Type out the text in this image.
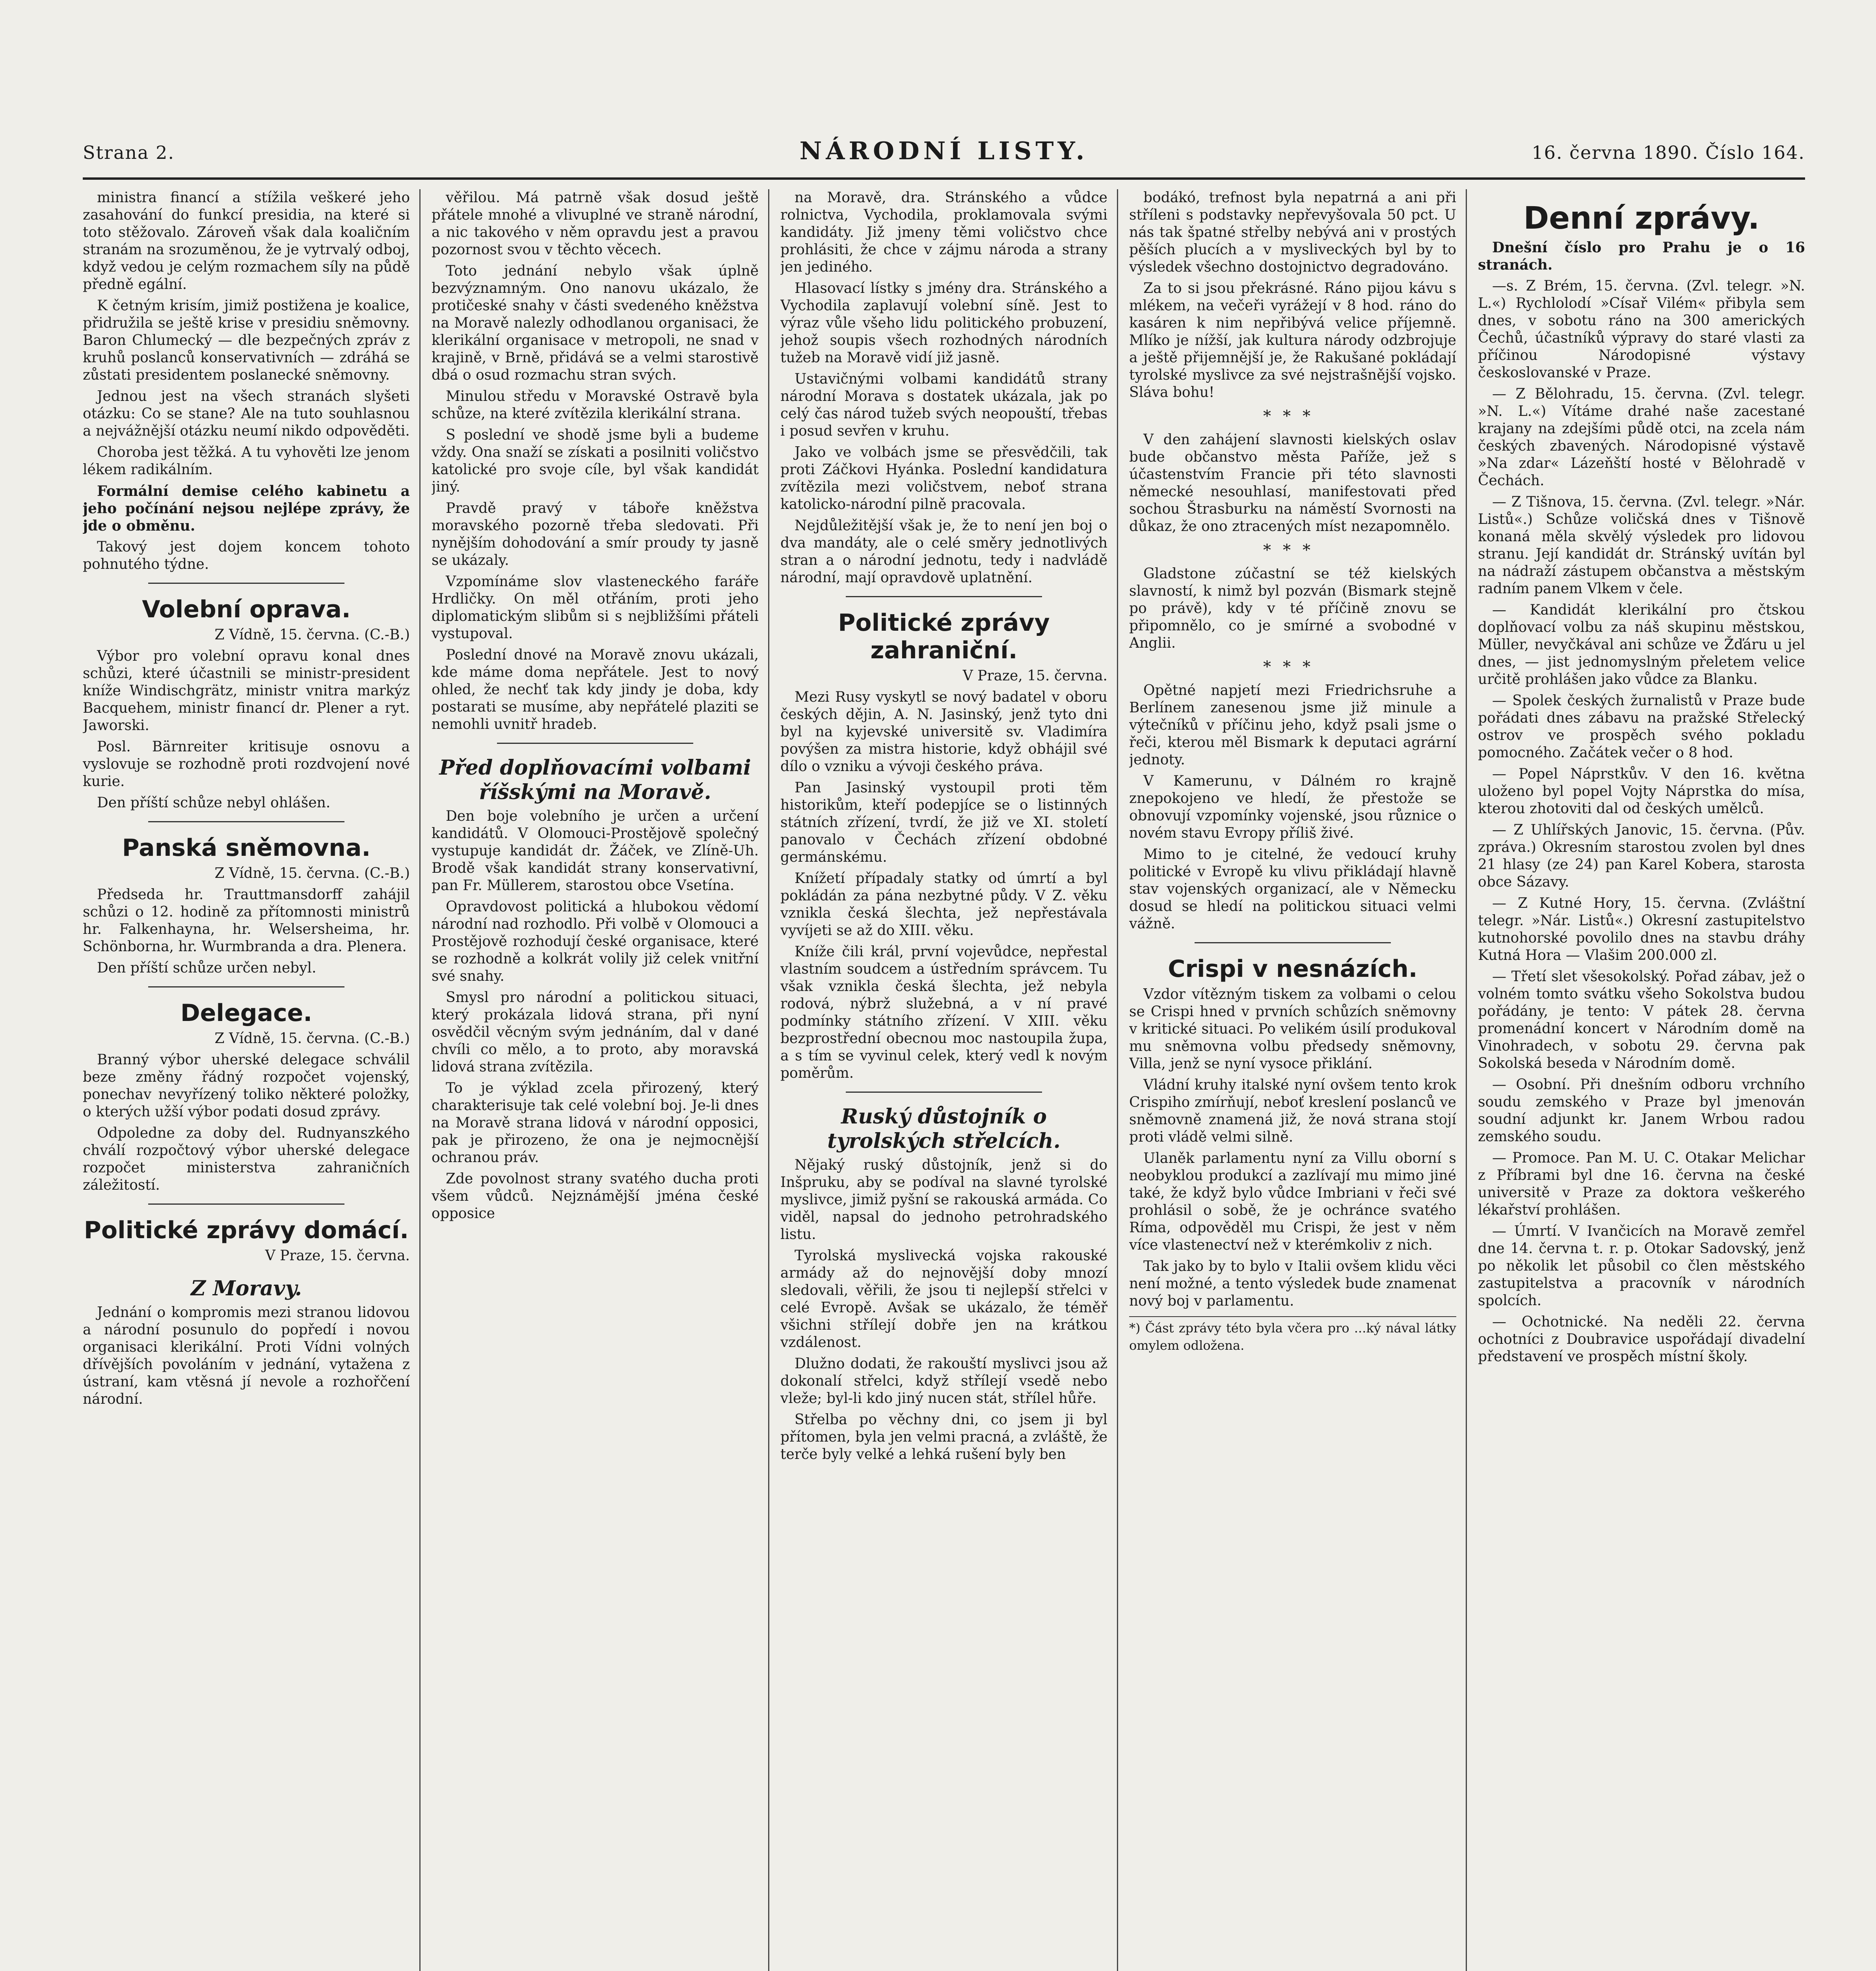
Strana 2.	NÁRODNÍ LISTY.	16. června 1890. Číslo 164.

ministra financí a stížila veškeré jeho zasahování do funkcí presidia, na které si toto stěžovalo. Zároveň však dala koaličním stranám na srozuměnou, že je vytrvalý odboj, když vedou je celým rozmachem síly na půdě předně egální.

K četným krisím, jimiž postižena je koalice, přidružila se ještě krise v presidiu sněmovny. Baron Chlumecký — dle bezpečných zpráv z kruhů poslanců konservativních — zdráhá se zůstati presidentem poslanecké sněmovny.

Jednou jest na všech stranách slyšeti otázku: Co se stane? Ale na tuto souhlasnou a nejvážnější otázku neumí nikdo odpověděti.

Choroba jest těžká. A tu vyhověti lze jenom lékem radikálním.

Formální demise celého kabinetu a jeho počínání nejsou nejlépe zprávy, že jde o obměnu.

Takový jest dojem koncem tohoto pohnutého týdne.

Volební oprava.
Z Vídně, 15. června. (C.-B.)

Výbor pro volební opravu konal dnes schůzi, které účastnili se ministr-president kníže Windischgrätz, ministr vnitra markýz Bacquehem, ministr financí dr. Plener a ryt. Jaworski.

Posl. Bärnreiter kritisuje osnovu a vyslovuje se rozhodně proti rozdvojení nové kurie.

Den příští schůze nebyl ohlášen.

Panská sněmovna.
Z Vídně, 15. června. (C.-B.)

Předseda hr. Trauttmansdorff zahájil schůzi o 12. hodině za přítomnosti ministrů hr. Falkenhayna, hr. Welsersheima, hr. Schönborna, hr. Wurmbranda a dra. Plenera.

Den příští schůze určen nebyl.

Delegace.
Z Vídně, 15. června. (C.-B.)

Branný výbor uherské delegace schválil beze změny řádný rozpočet vojenský, ponechav nevyřízený toliko některé položky, o kterých užší výbor podati dosud zprávy.

Odpoledne za doby del. Rudnyanszkého chválí rozpočtový výbor uherské delegace rozpočet ministerstva zahraničních záležitostí.

Politické zprávy domácí.
V Praze, 15. června.
Z Moravy.

Jednání o kompromis mezi stranou lidovou a národní posunulo do popředí i novou organisaci klerikální. Proti Vídni volných dřívějších povoláním v jednání, vytažena z ústraní, kam vtěsná jí nevole a rozhořčení národní.

věřilou. Má patrně však dosud ještě přátele mnohé a vlivuplné ve straně národní, a nic takového v něm opravdu jest a pravou pozornost svou v těchto věcech.

Toto jednání nebylo však úplně bezvýznamným. Ono nanovu ukázalo, že protičeské snahy v části svedeného kněžstva na Moravě nalezly odhodlanou organisaci, že klerikální organisace v metropoli, ne snad v krajině, v Brně, přidává se a velmi starostivě dbá o osud rozmachu stran svých.

Minulou středu v Moravské Ostravě byla schůze, na které zvítězila klerikální strana.

S poslední ve shodě jsme byli a budeme vždy. Ona snaží se získati a posilniti voličstvo katolické pro svoje cíle, byl však kandidát jiný.

Pravdě pravý v táboře kněžstva moravského pozorně třeba sledovati. Při nynějším dohodování a smír proudy ty jasně se ukázaly.

Vzpomínáme slov vlasteneckého faráře Hrdličky. On měl otřáním, proti jeho diplomatickým slibům si s nejbližšími přáteli vystupoval.

Poslední dnové na Moravě znovu ukázali, kde máme doma nepřátele. Jest to nový ohled, že nechť tak kdy jindy je doba, kdy postarati se musíme, aby nepřátelé plaziti se nemohli uvnitř hradeb.

Před doplňovacími volbami říšskými na Moravě.

Den boje volebního je určen a určení kandidátů. V Olomouci-Prostějově společný vystupuje kandidát dr. Žáček, ve Zlíně-Uh. Brodě však kandidát strany konservativní, pan Fr. Müllerem, starostou obce Vsetína.

Opravdovost politická a hlubokou vědomí národní nad rozhodlo. Při volbě v Olomouci a Prostějově rozhodují české organisace, které se rozhodně a kolkrát volily již celek vnitřní své snahy.

Smysl pro národní a politickou situaci, který prokázala lidová strana, při nyní osvědčil věcným svým jednáním, dal v dané chvíli co mělo, a to proto, aby moravská lidová strana zvítězila.

To je výklad zcela přirozený, který charakterisuje tak celé volební boj. Je-li dnes na Moravě strana lidová v národní opposici, pak je přirozeno, že ona je nejmocnější ochranou práv.

Zde povolnost strany svatého ducha proti všem vůdců. Nejznámější jména české opposice

na Moravě, dra. Stránského a vůdce rolnictva, Vychodila, proklamovala svými kandidáty. Již jmeny těmi voličstvo chce prohlásiti, že chce v zájmu národa a strany jen jediného.

Hlasovací lístky s jmény dra. Stránského a Vychodila zaplavují volební síně. Jest to výraz vůle všeho lidu politického probuzení, jehož soupis všech rozhodných národních tužeb na Moravě vidí již jasně.

Ustavičnými volbami kandidátů strany národní Morava s dostatek ukázala, jak po celý čas národ tužeb svých neopouští, třebas i posud sevřen v kruhu.

Jako ve volbách jsme se přesvědčili, tak proti Záčkovi Hyánka. Poslední kandidatura zvítězila mezi voličstvem, neboť strana katolicko-národní pilně pracovala.

Nejdůležitější však je, že to není jen boj o dva mandáty, ale o celé směry jednotlivých stran a o národní jednotu, tedy i nadvládě národní, mají opravdově uplatnění.

Politické zprávy zahraniční.
V Praze, 15. června.

Mezi Rusy vyskytl se nový badatel v oboru českých dějin, A. N. Jasinský, jenž tyto dni byl na kyjevské universitě sv. Vladimíra povýšen za mistra historie, když obhájil své dílo o vzniku a vývoji českého práva.

Pan Jasinský vystoupil proti těm historikům, kteří podepjíce se o listinných státních zřízení, tvrdí, že již ve XI. století panovalo v Čechách zřízení obdobné germánskému.

Knížetí případaly statky od úmrtí a byl pokládán za pána nezbytné půdy. V Z. věku vznikla česká šlechta, jež nepřestávala vyvíjeti se až do XIII. věku.

Kníže čili král, první vojevůdce, nepřestal vlastním soudcem a ústředním správcem. Tu však vznikla česká šlechta, jež nebyla rodová, nýbrž služebná, a v ní pravé podmínky státního zřízení. V XIII. věku bezprostřední obecnou moc nastoupila župa, a s tím se vyvinul celek, který vedl k novým poměrům.

Ruský důstojník o tyrolských střelcích.

Nějaký ruský důstojník, jenž si do Inšpruku, aby se podíval na slavné tyrolské myslivce, jimiž pyšní se rakouská armáda. Co viděl, napsal do jednoho petrohradského listu.

Tyrolská myslivecká vojska rakouské armády až do nejnovější doby mnozí sledovali, věřili, že jsou ti nejlepší střelci v celé Evropě. Avšak se ukázalo, že téměř všichni střílejí dobře jen na krátkou vzdálenost.

Dlužno dodati, že rakouští myslivci jsou až dokonalí střelci, když střílejí vsedě nebo vleže; byl-li kdo jiný nucen stát, střílel hůře.

Střelba po věchny dni, co jsem ji byl přítomen, byla jen velmi pracná, a zvláště, že terče byly velké a lehká rušení byly ben

bodákó, trefnost byla nepatrná a ani při stříleni s podstavky nepřevyšovala 50 pct. U nás tak špatné střelby nebývá ani v prostých pěších plucích a v mysliveckých byl by to výsledek všechno dostojnictvo degradováno.

Za to si jsou překrásné. Ráno pijou kávu s mlékem, na večeři vyrážejí v 8 hod. ráno do kasáren k nim nepřibývá velice příjemně. Mlíko je nížší, jak kultura národy odzbrojuje a ještě přijemnější je, že Rakušané pokládají tyrolské myslivce za své nejstrašnější vojsko. Sláva bohu!

***

V den zahájení slavnosti kielských oslav bude občanstvo města Paříže, jež s účastenstvím Francie při této slavnosti německé nesouhlasí, manifestovati před sochou Štrasburku na náměstí Svornosti na důkaz, že ono ztracených míst nezapomnělo.

***

Gladstone zúčastní se též kielských slavností, k nimž byl pozván (Bismark stejně po právě), kdy v té příčině znovu se připomnělo, co je smírné a svobodné v Anglii.

***

Opětné napjetí mezi Friedrichsruhe a Berlínem zanesenou jsme již minule a výtečníků v příčinu jeho, když psali jsme o řeči, kterou měl Bismark k deputaci agrární jednoty.

V Kamerunu, v Dálném ro krajně znepokojeno ve hledí, že přestože se obnovují vzpomínky vojenské, jsou různice o novém stavu Evropy příliš živé.

Mimo to je citelné, že vedoucí kruhy politické v Evropě ku vlivu přikládají hlavně stav vojenských organizací, ale v Německu dosud se hledí na politickou situaci velmi vážně.

Crispi v nesnázích.

Vzdor vítězným tiskem za volbami o celou se Crispi hned v prvních schůzích sněmovny v kritické situaci. Po velikém úsilí produkoval mu sněmovna volbu předsedy sněmovny, Villa, jenž se nyní vysoce přiklání.

Vládní kruhy italské nyní ovšem tento krok Crispiho zmírňují, neboť kreslení poslanců ve sněmovně znamená již, že nová strana stojí proti vládě velmi silně.

Ulaněk parlamentu nyní za Villu oborní s neobyklou produkcí a zazlívají mu mimo jiné také, že když bylo vůdce Imbriani v řeči své prohlásil o sobě, že je ochránce svatého Ríma, odpověděl mu Crispi, že jest v něm více vlastenectví než v kterémkoliv z nich.

Tak jako by to bylo v Italii ovšem klidu věci není možné, a tento výsledek bude znamenat nový boj v parlamentu.

*) Část zprávy této byla včera pro ...ký nával látky omylem odložena.
Denní zprávy.

Dnešní číslo pro Prahu je o 16 stranách.

—s. Z Brém, 15. června. (Zvl. telegr. »N. L.«) Rychlolodí »Císař Vilém« přibyla sem dnes, v sobotu ráno na 300 amerických Čechů, účastníků výpravy do staré vlasti za příčinou Národopisné výstavy českoslovanské v Praze.

— Z Bělohradu, 15. června. (Zvl. telegr. »N. L.«) Vítáme drahé naše zacestané krajany na zdejšími půdě otci, na zcela nám českých zbavených. Národopisné výstavě »Na zdar« Lázeňští hosté v Bělohradě v Čechách.

— Z Tišnova, 15. června. (Zvl. telegr. »Nár. Listů«.) Schůze voličská dnes v Tišnově konaná měla skvělý výsledek pro lidovou stranu. Její kandidát dr. Stránský uvítán byl na nádraží zástupem občanstva a městským radním panem Vlkem v čele.

— Kandidát klerikální pro čtskou doplňovací volbu za náš skupinu městskou, Müller, nevyčkával ani schůze ve Žďáru u jel dnes, — jist jednomyslným přeletem velice určitě prohlášen jako vůdce za Blanku.

— Spolek českých žurnalistů v Praze bude pořádati dnes zábavu na pražské Střelecký ostrov ve prospěch svého pokladu pomocného. Začátek večer o 8 hod.

— Popel Náprstkův. V den 16. května uloženo byl popel Vojty Náprstka do mísa, kterou zhotoviti dal od českých umělců.

— Z Uhlířských Janovic, 15. června. (Pův. zpráva.) Okresním starostou zvolen byl dnes 21 hlasy (ze 24) pan Karel Kobera, starosta obce Sázavy.

— Z Kutné Hory, 15. června. (Zvláštní telegr. »Nár. Listů«.) Okresní zastupitelstvo kutnohorské povolilo dnes na stavbu dráhy Kutná Hora — Vlašim 200.000 zl.

— Třetí slet všesokolský. Pořad zábav, jež o volném tomto svátku všeho Sokolstva budou pořádány, je tento: V pátek 28. června promenádní koncert v Národním domě na Vinohradech, v sobotu 29. června pak Sokolská beseda v Národním domě.

— Osobní. Při dnešním odboru vrchního soudu zemského v Praze byl jmenován soudní adjunkt kr. Janem Wrbou radou zemského soudu.

— Promoce. Pan M. U. C. Otakar Melichar z Příbrami byl dne 16. června na české universitě v Praze za doktora veškerého lékařství prohlášen.

— Úmrtí. V Ivančicích na Moravě zemřel dne 14. června t. r. p. Otokar Sadovský, jenž po několik let působil co člen městského zastupitelstva a pracovník v národních spolcích.

— Ochotnické. Na neděli 22. června ochotníci z Doubravice uspořádají divadelní představení ve prospěch místní školy.
